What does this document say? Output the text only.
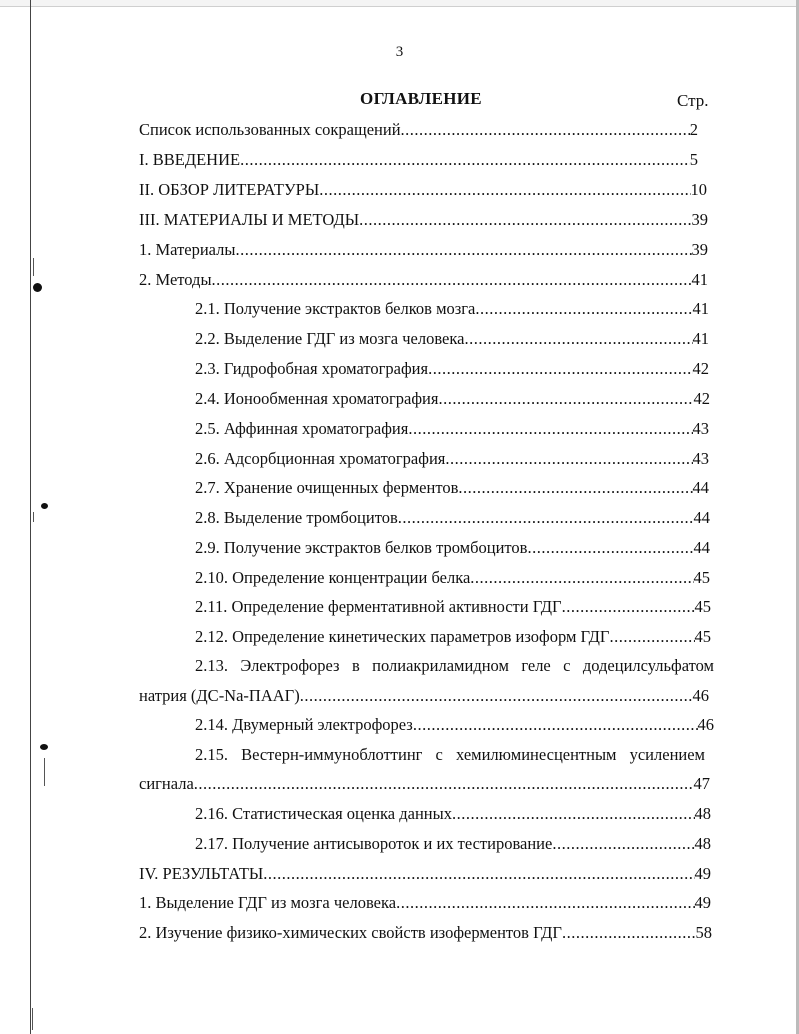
3
ОГЛАВЛЕНИЕ	Стр.
Список использованных сокращений .....	2
I. ВВЕДЕНИЕ .....	5
II. ОБЗОР ЛИТЕРАТУРЫ .....	10
III. МАТЕРИАЛЫ И МЕТОДЫ .....	39
1. Материалы .....	39
2. Методы .....	41
2.1. Получение экстрактов белков мозга .....	41
2.2. Выделение ГДГ из мозга человека .....	41
2.3. Гидрофобная хроматография .....	42
2.4. Ионообменная хроматография .....	42
2.5. Аффинная хроматография .....	43
2.6. Адсорбционная хроматография .....	43
2.7. Хранение очищенных ферментов .....	44
2.8. Выделение тромбоцитов .....	44
2.9. Получение экстрактов белков тромбоцитов .....	44
2.10. Определение концентрации белка .....	45
2.11. Определение ферментативной активности ГДГ .....	45
2.12. Определение кинетических параметров изоформ ГДГ .....	45
2.13. Электрофорез в полиакриламидном геле с додецилсульфатом
натрия (ДС-Na-ПААГ) .....	46
2.14. Двумерный электрофорез .....	46
2.15. Вестерн-иммуноблоттинг с хемилюминесцентным усилением
сигнала .....	47
2.16. Статистическая оценка данных .....	48
2.17. Получение антисывороток и их тестирование .....	48
IV. РЕЗУЛЬТАТЫ .....	49
1. Выделение ГДГ из мозга человека .....	49
2. Изучение физико-химических свойств изоферментов ГДГ .....	58
